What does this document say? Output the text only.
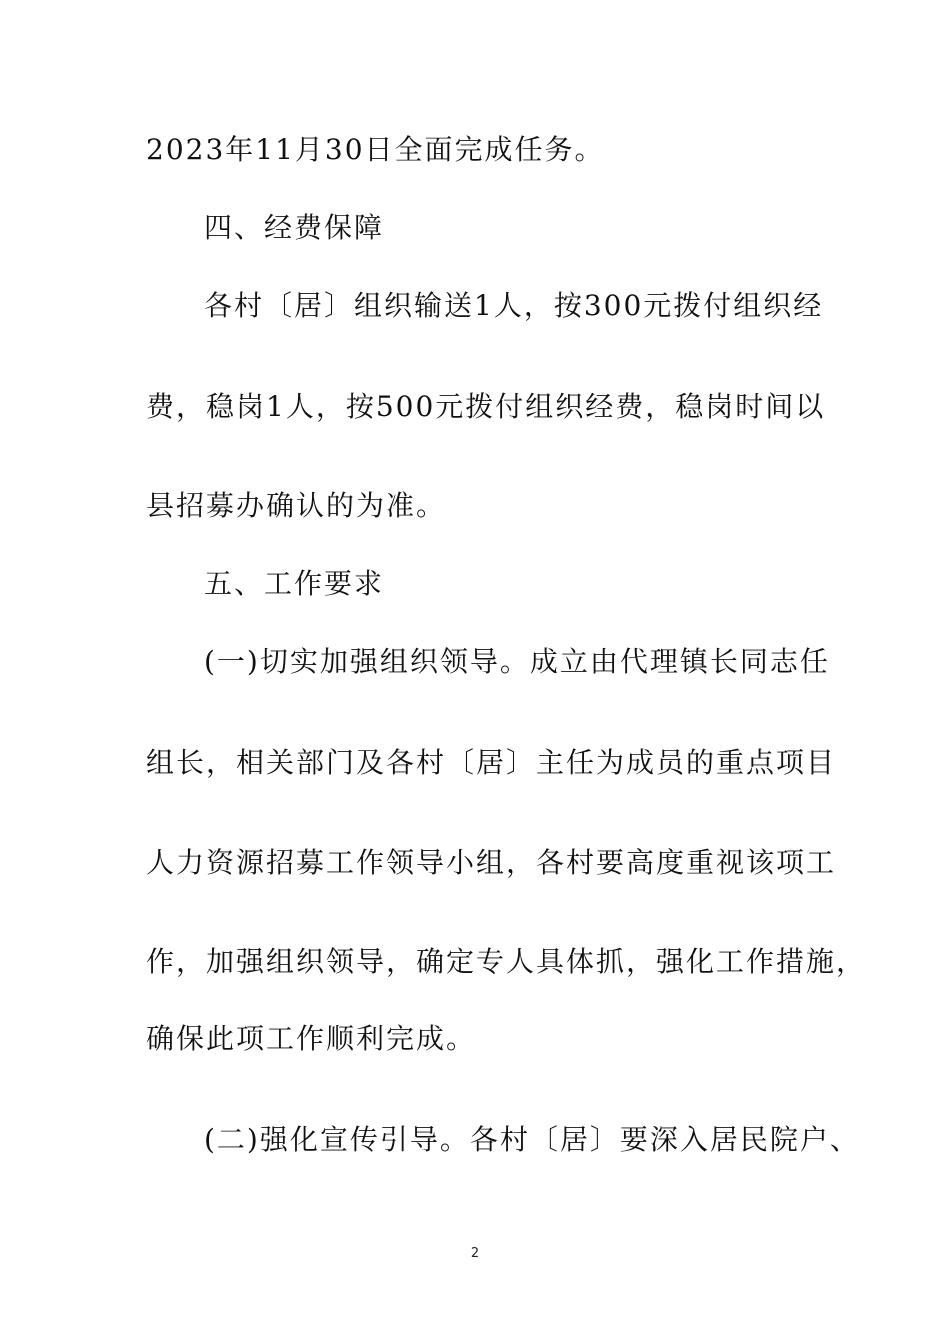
2023年11月30日全面完成任务。
四、经费保障
各村〔居〕组织输送1人，按300元拨付组织经
费，稳岗1人，按500元拨付组织经费，稳岗时间以
县招募办确认的为准。
五、工作要求
(一)切实加强组织领导。成立由代理镇长同志任
组长，相关部门及各村〔居〕主任为成员的重点项目
人力资源招募工作领导小组，各村要高度重视该项工
作，加强组织领导，确定专人具体抓，强化工作措施，
确保此项工作顺利完成。
(二)强化宣传引导。各村〔居〕要深入居民院户、
2
